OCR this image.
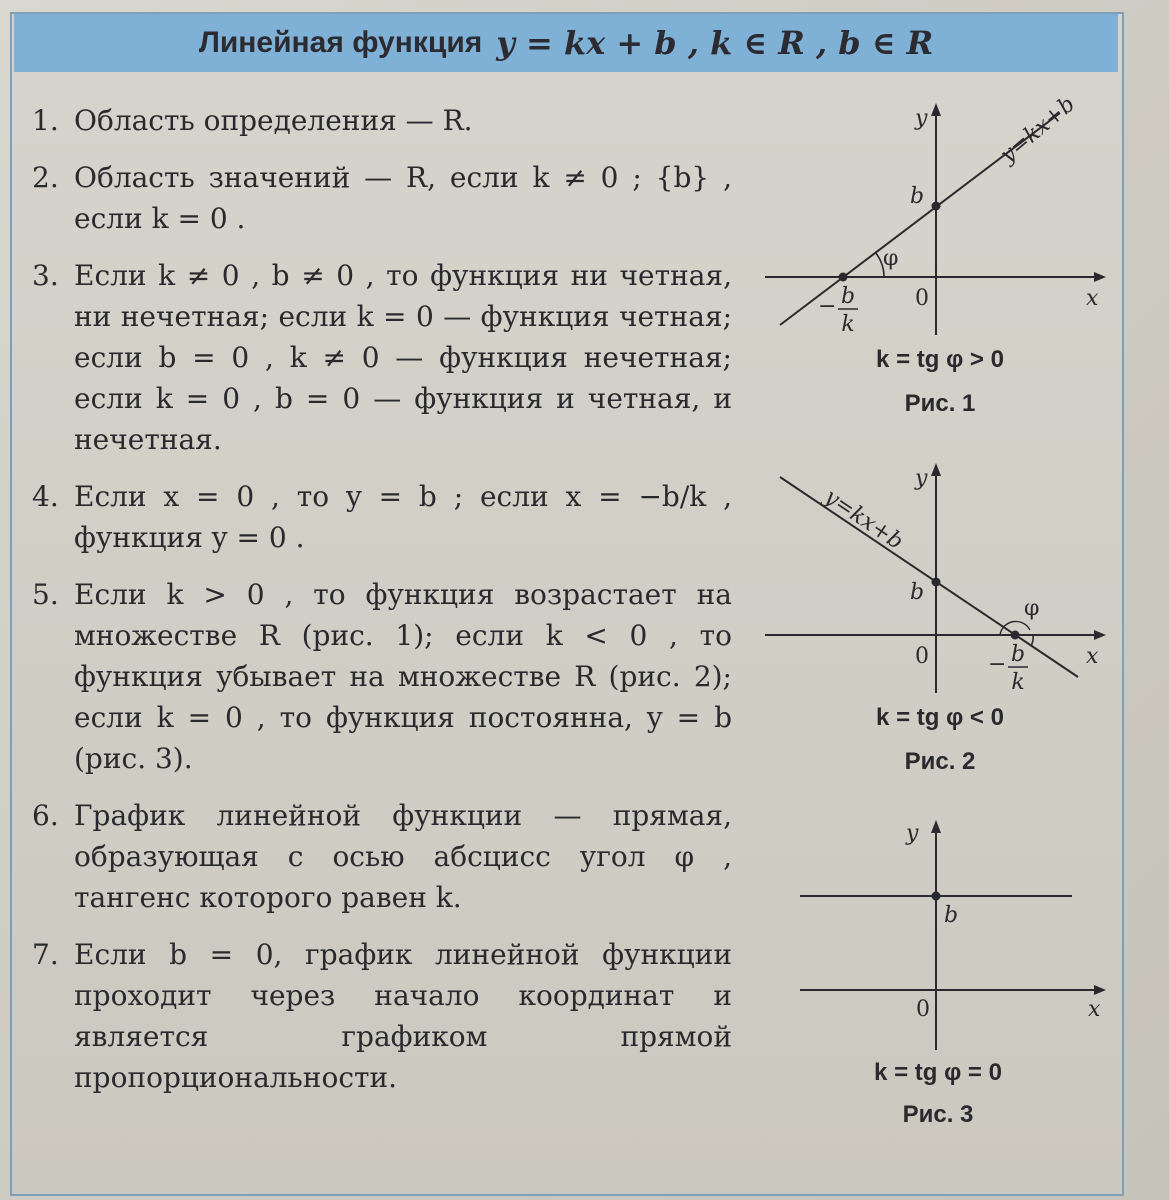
Линейная функция y = kx + b , k ∈ R , b ∈ R
1. Область определения — R.
2. Область значений — R, если k ≠ 0 ; {b} , если k = 0 .
3. Если k ≠ 0 , b ≠ 0 , то функция ни четная, ни нечетная; если k = 0 — функция четная; если b = 0 , k ≠ 0 — функция нечетная; если k = 0 , b = 0 — функция и четная, и нечетная.
4. Если x = 0 , то y = b ; если x = −b/k , функция y = 0 .
5. Если k > 0 , то функция возрастает на множестве R (рис. 1); если k < 0 , то функция убывает на множестве R (рис. 2); если k = 0 , то функция постоянна, y = b (рис. 3).
6. График линейной функции — прямая, образующая с осью абсцисс угол φ , тангенс которого равен k.
7. Если b = 0, график линейной функции проходит через начало координат и является графиком прямой пропорциональности.
φ
b
y
x
0
y=kx+b
− b
k
k = tg φ > 0
Рис. 1
φ
b
y
x
0
y=kx+b
− b
k
k = tg φ < 0
Рис. 2
b
y
x
0
k = tg φ = 0
Рис. 3
